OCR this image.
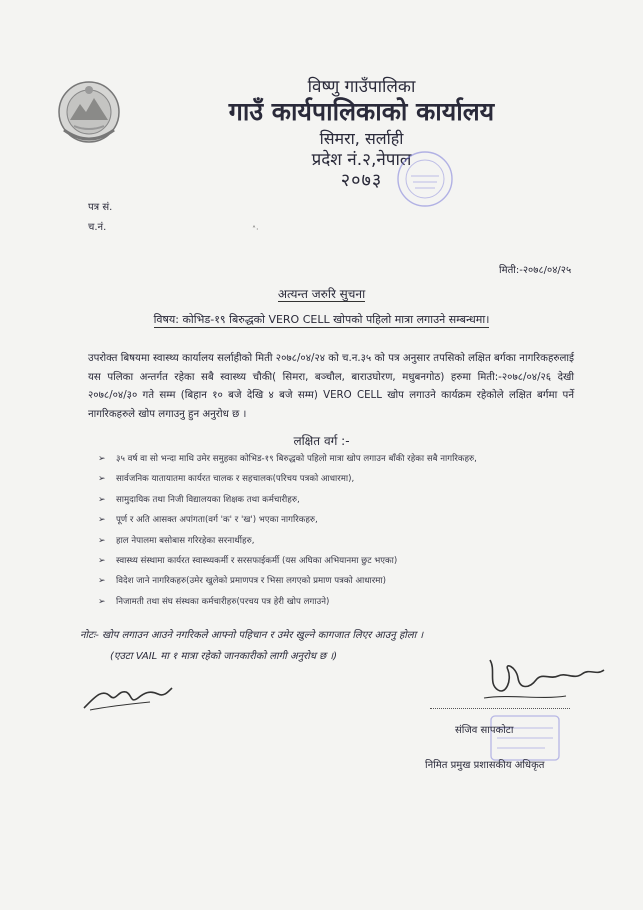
विष्णु गाउँपालिका
गाउँ कार्यपालिकाको कार्यालय
सिमरा, सर्लाही
प्रदेश नं.२,नेपाल
२०७३
पत्र सं.
च.नं.	˄·
मिती:-२०७८/०४/२५
अत्यन्त जरुरि सुचना
विषय: कोभिड-१९ बिरुद्धको VERO CELL खोपको पहिलो मात्रा लगाउने सम्बन्धमा।
उपरोक्त बिषयमा स्वास्थ्य कार्यालय सर्लाहीको मिती २०७८/०४/२४ को च.न.३५ को पत्र अनुसार तपसिको लक्षित बर्गका नागरिकहरुलाई यस पलिका अन्तर्गत रहेका सबै स्वास्थ्य चौकी( सिमरा, बञ्चौल, बाराउघोरण, मधुबनगोठ) हरुमा मिती:-२०७८/०४/२६ देखी २०७८/०४/३० गते सम्म (बिहान १० बजे देखि ४ बजे सम्म) VERO CELL खोप लगाउने कार्यक्रम रहेकोले लक्षित बर्गमा पर्ने नागरिकहरुले खोप लगाउनु हुन अनुरोध छ ।
लक्षित वर्ग :-
➢ ३५ वर्ष वा सो भन्दा माथि उमेर समुहका कोभिड-१९ बिरुद्धको पहिलो मात्रा खोप लगाउन बाँकी रहेका सबै नागरिकहरु,
➢ सार्वजनिक यातायातमा कार्यरत चालक र सहचालक(परिचय पत्रको आधारमा),
➢ सामुदायिक तथा निजी विद्यालयका शिक्षक तथा कर्मचारीहरु,
➢ पूर्ण र अति आसक्त अपांगता(वर्ग 'क' र 'ख') भएका नागरिकहरु,
➢ हाल नेपालमा बसोबास गरिरहेका सरनार्थीहरु,
➢ स्वास्थ्य संस्थामा कार्यरत स्वास्थ्यकर्मी र सरसफाईकर्मी (यस अघिका अभियानमा छुट भएका)
➢ विदेश जाने नागरिकहरु(उमेर खुलेको प्रमाणपत्र र भिसा लगएको प्रमाण पत्रको आधारमा)
➢ निजामती तथा संघ संस्थका कर्मचारीहरु(परचय पत्र हेरी खोप लगाउने)
नोटः- खोप लगाउन आउने नगरिकले आफ्नो पहिचान र उमेर खुल्ने कागजात लिएर आउनु होला ।
(एउटा VAIL मा १ मात्रा रहेको जानकारीको लागी अनुरोध छ ।)
संजिव सापकोटा
निमित प्रमुख प्रशासकीय अधिकृत
